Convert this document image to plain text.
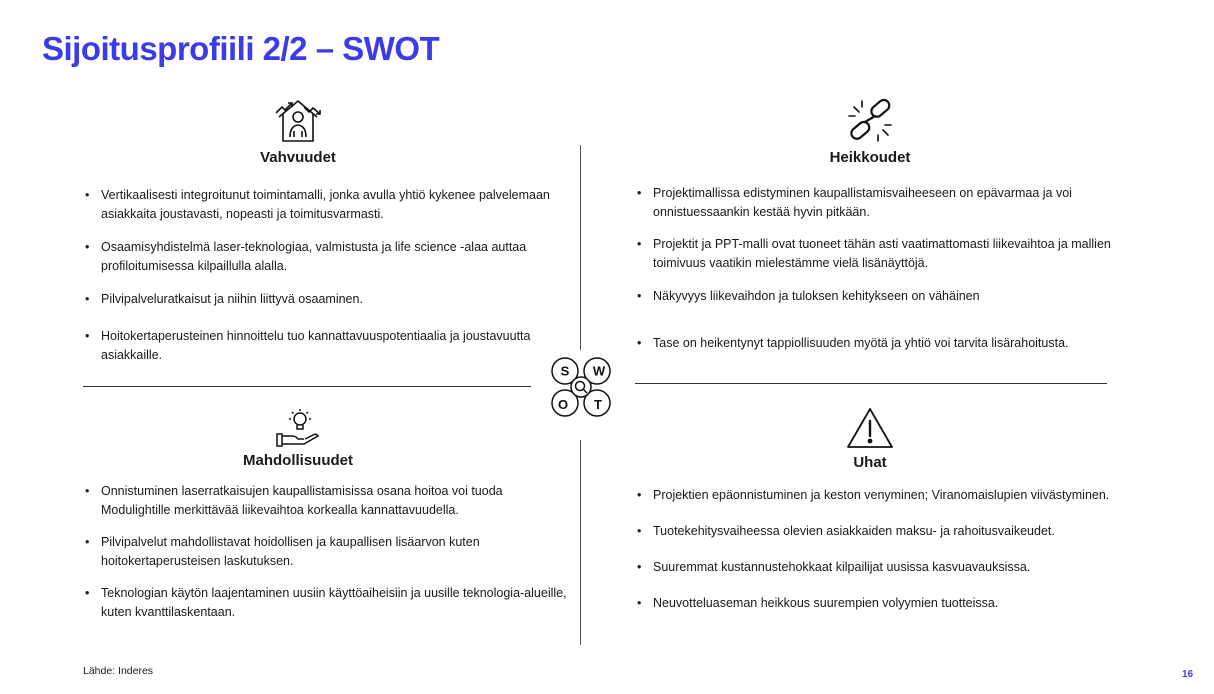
Sijoitusprofiili 2/2 – SWOT
Vahvuudet
• Vertikaalisesti integroitunut toimintamalli, jonka avulla yhtiö kykenee palvelemaan asiakkaita joustavasti, nopeasti ja toimitusvarmasti.
• Osaamisyhdistelmä laser-teknologiaa, valmistusta ja life science -alaa auttaa profiloitumisessa kilpaillulla alalla.
• Pilvipalveluratkaisut ja niihin liittyvä osaaminen.
• Hoitokertaperusteinen hinnoittelu tuo kannattavuuspotentiaalia ja joustavuutta asiakkaille.
Heikkoudet
• Projektimallissa edistyminen kaupallistamisvaiheeseen on epävarmaa ja voi onnistuessaankin kestää hyvin pitkään.
• Projektit ja PPT-malli ovat tuoneet tähän asti vaatimattomasti liikevaihtoa ja mallien toimivuus vaatikin mielestämme vielä lisänäyttöjä.
• Näkyvyys liikevaihdon ja tuloksen kehitykseen on vähäinen
• Tase on heikentynyt tappiollisuuden myötä ja yhtiö voi tarvita lisärahoitusta.
S W
O T
Mahdollisuudet
• Onnistuminen laserratkaisujen kaupallistamisissa osana hoitoa voi tuoda Modulightille merkittävää liikevaihtoa korkealla kannattavuudella.
• Pilvipalvelut mahdollistavat hoidollisen ja kaupallisen lisäarvon kuten hoitokertaperusteisen laskutuksen.
• Teknologian käytön laajentaminen uusiin käyttöaiheisiin ja uusille teknologia-alueille, kuten kvanttilaskentaan.
Uhat
• Projektien epäonnistuminen ja keston venyminen; Viranomaislupien viivästyminen.
• Tuotekehitysvaiheessa olevien asiakkaiden maksu- ja rahoitusvaikeudet.
• Suuremmat kustannustehokkaat kilpailijat uusissa kasvuavauksissa.
• Neuvotteluaseman heikkous suurempien volyymien tuotteissa.
Lähde: Inderes	16
